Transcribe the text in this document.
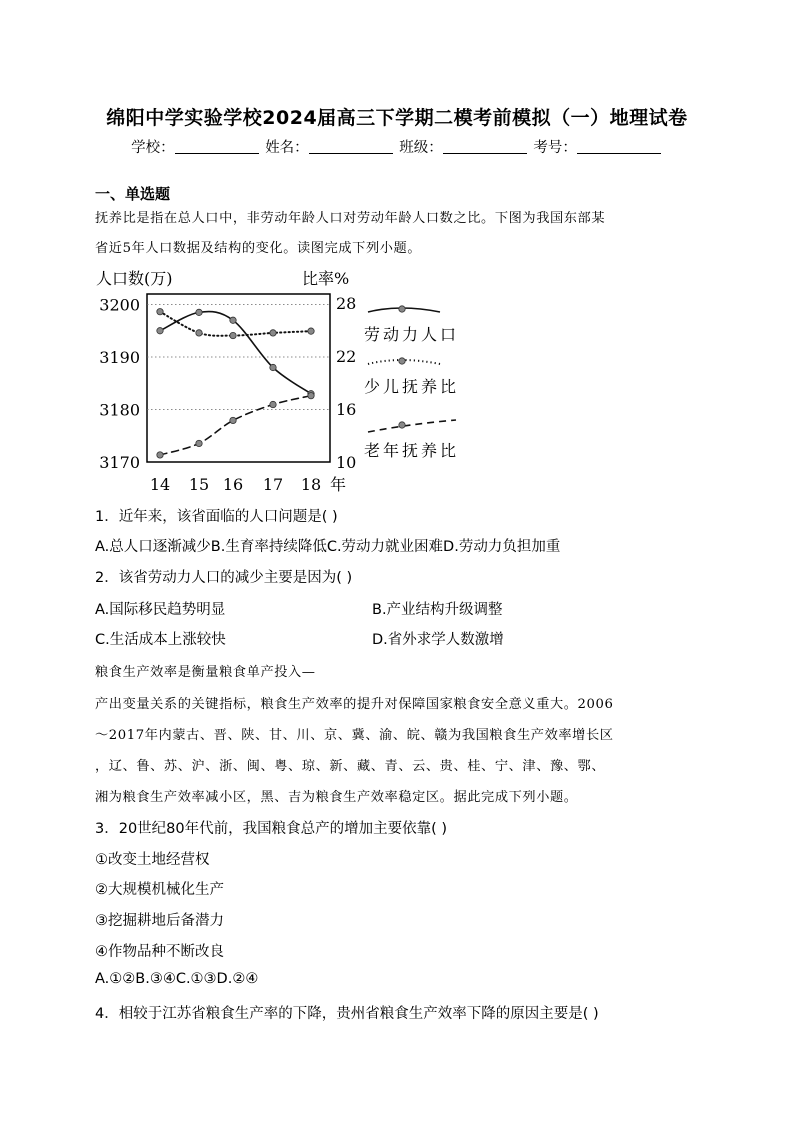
绵阳中学实验学校2024届高三下学期二模考前模拟（一）地理试卷
学校：	姓名：	班级：	考号：
一、单选题
抚养比是指在总人口中，非劳动年龄人口对劳动年龄人口数之比。下图为我国东部某
省近5年人口数据及结构的变化。读图完成下列小题。
人口数(万)	比率%
3170
3180
3190
3200
10
16
22
28
14 15 16 17 18 年
劳动力人口
少儿抚养比
老年抚养比
1．近年来，该省面临的人口问题是( )
A.总人口逐渐减少B.生育率持续降低C.劳动力就业困难D.劳动力负担加重
2．该省劳动力人口的减少主要是因为( )
A.国际移民趋势明显	B.产业结构升级调整
C.生活成本上涨较快	D.省外求学人数激增
粮食生产效率是衡量粮食单产投入—
产出变量关系的关键指标，粮食生产效率的提升对保障国家粮食安全意义重大。2006
～2017年内蒙古、晋、陕、甘、川、京、冀、渝、皖、赣为我国粮食生产效率增长区
，辽、鲁、苏、沪、浙、闽、粤、琼、新、藏、青、云、贵、桂、宁、津、豫、鄂、
湘为粮食生产效率减小区，黑、吉为粮食生产效率稳定区。据此完成下列小题。
3．20世纪80年代前，我国粮食总产的增加主要依靠( )
①改变土地经营权
②大规模机械化生产
③挖掘耕地后备潜力
④作物品种不断改良
A.①②B.③④C.①③D.②④
4．相较于江苏省粮食生产率的下降，贵州省粮食生产效率下降的原因主要是( )
